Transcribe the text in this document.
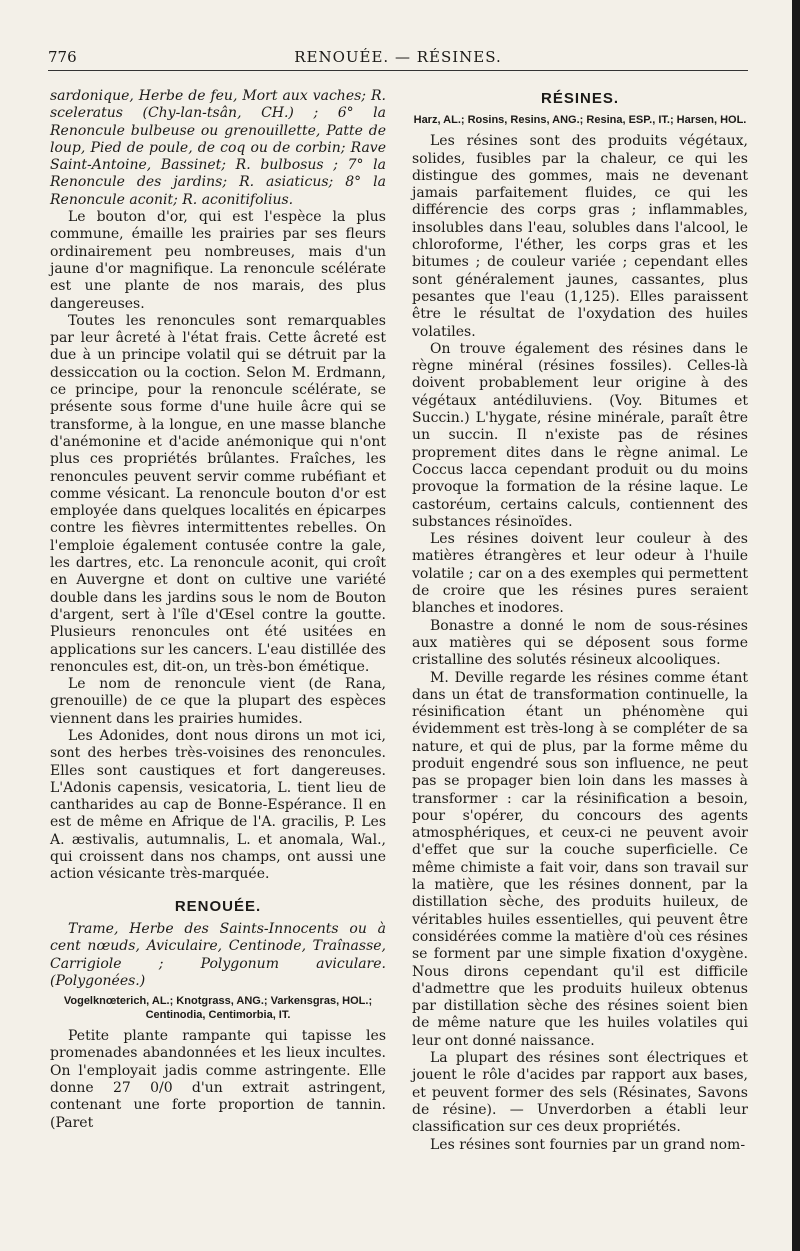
776	RENOUÉE. — RÉSINES.

sardonique, Herbe de feu, Mort aux vaches; R. sceleratus (Chy-lan-tsân, CH.) ; 6° la Renoncule bulbeuse ou grenouillette, Patte de loup, Pied de poule, de coq ou de corbin; Rave Saint-Antoine, Bassinet; R. bulbosus ; 7° la Renoncule des jardins; R. asiaticus; 8° la Renoncule aconit; R. aconitifolius.

Le bouton d'or, qui est l'espèce la plus commune, émaille les prairies par ses fleurs ordinairement peu nombreuses, mais d'un jaune d'or magnifique. La renoncule scélérate est une plante de nos marais, des plus dangereuses.

Toutes les renoncules sont remarquables par leur âcreté à l'état frais. Cette âcreté est due à un principe volatil qui se détruit par la dessiccation ou la coction. Selon M. Erdmann, ce principe, pour la renoncule scélérate, se présente sous forme d'une huile âcre qui se transforme, à la longue, en une masse blanche d'anémonine et d'acide anémonique qui n'ont plus ces propriétés brûlantes. Fraîches, les renoncules peuvent servir comme rubéfiant et comme vésicant. La renoncule bouton d'or est employée dans quelques localités en épicarpes contre les fièvres intermittentes rebelles. On l'emploie également contusée contre la gale, les dartres, etc. La renoncule aconit, qui croît en Auvergne et dont on cultive une variété double dans les jardins sous le nom de Bouton d'argent, sert à l'île d'Œsel contre la goutte. Plusieurs renoncules ont été usitées en applications sur les cancers. L'eau distillée des renoncules est, dit-on, un très-bon émétique.

Le nom de renoncule vient (de Rana, grenouille) de ce que la plupart des espèces viennent dans les prairies humides.

Les Adonides, dont nous dirons un mot ici, sont des herbes très-voisines des renoncules. Elles sont caustiques et fort dangereuses. L'Adonis capensis, vesicatoria, L. tient lieu de cantharides au cap de Bonne-Espérance. Il en est de même en Afrique de l'A. gracilis, P. Les A. æstivalis, autumnalis, L. et anomala, Wal., qui croissent dans nos champs, ont aussi une action vésicante très-marquée.

RENOUÉE.

Trame, Herbe des Saints-Innocents ou à cent nœuds, Aviculaire, Centinode, Traînasse, Carrigiole ; Polygonum aviculare. (Polygonées.)

Vogelknœterich, AL.; Knotgrass, ANG.; Varkensgras, HOL.; Centinodia, Centimorbia, IT.

Petite plante rampante qui tapisse les promenades abandonnées et les lieux incultes. On l'employait jadis comme astringente. Elle donne 27 0/0 d'un extrait astringent, contenant une forte proportion de tannin. (Paret

RÉSINES.
Harz, AL.; Rosins, Resins, ANG.; Resina, ESP., IT.; Harsen, HOL.

Les résines sont des produits végétaux, solides, fusibles par la chaleur, ce qui les distingue des gommes, mais ne devenant jamais parfaitement fluides, ce qui les différencie des corps gras ; inflammables, insolubles dans l'eau, solubles dans l'alcool, le chloroforme, l'éther, les corps gras et les bitumes ; de couleur variée ; cependant elles sont généralement jaunes, cassantes, plus pesantes que l'eau (1,125). Elles paraissent être le résultat de l'oxydation des huiles volatiles.

On trouve également des résines dans le règne minéral (résines fossiles). Celles-là doivent probablement leur origine à des végétaux antédiluviens. (Voy. Bitumes et Succin.) L'hygate, résine minérale, paraît être un succin. Il n'existe pas de résines proprement dites dans le règne animal. Le Coccus lacca cependant produit ou du moins provoque la formation de la résine laque. Le castoréum, certains calculs, contiennent des substances résinoïdes.

Les résines doivent leur couleur à des matières étrangères et leur odeur à l'huile volatile ; car on a des exemples qui permettent de croire que les résines pures seraient blanches et inodores.

Bonastre a donné le nom de sous-résines aux matières qui se déposent sous forme cristalline des solutés résineux alcooliques.

M. Deville regarde les résines comme étant dans un état de transformation continuelle, la résinification étant un phénomène qui évidemment est très-long à se compléter de sa nature, et qui de plus, par la forme même du produit engendré sous son influence, ne peut pas se propager bien loin dans les masses à transformer : car la résinification a besoin, pour s'opérer, du concours des agents atmosphériques, et ceux-ci ne peuvent avoir d'effet que sur la couche superficielle. Ce même chimiste a fait voir, dans son travail sur la matière, que les résines donnent, par la distillation sèche, des produits huileux, de véritables huiles essentielles, qui peuvent être considérées comme la matière d'où ces résines se forment par une simple fixation d'oxygène. Nous dirons cependant qu'il est difficile d'admettre que les produits huileux obtenus par distillation sèche des résines soient bien de même nature que les huiles volatiles qui leur ont donné naissance.

La plupart des résines sont électriques et jouent le rôle d'acides par rapport aux bases, et peuvent former des sels (Résinates, Savons de résine). — Unverdorben a établi leur classification sur ces deux propriétés.

Les résines sont fournies par un grand nom-
